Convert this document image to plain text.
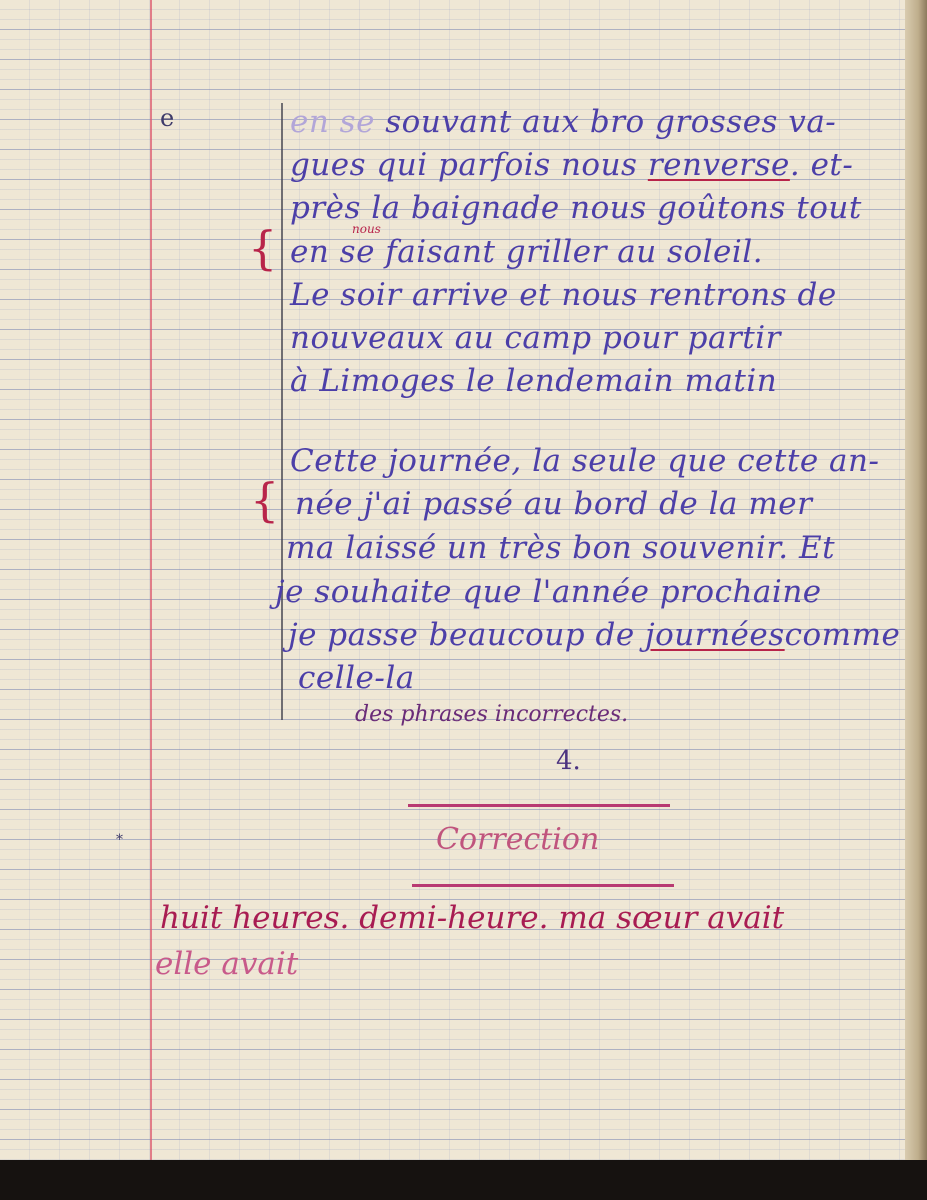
e
{
{
*
en se souvant aux bro grosses va-
gues qui parfois nous renverse. et-
près la baignade nous goûtons tout
nous
en se faisant griller au soleil.
Le soir arrive et nous rentrons de
nouveaux au camp pour partir
à Limoges le lendemain matin
Cette journée, la seule que cette an-
née j'ai passé au bord de la mer
ma laissé un très bon souvenir. Et
je souhaite que l'année prochaine
je passe beaucoup de journéescomme
celle-la
des phrases incorrectes.
4.
Correction
huit heures. demi-heure. ma sœur avait
elle avait
